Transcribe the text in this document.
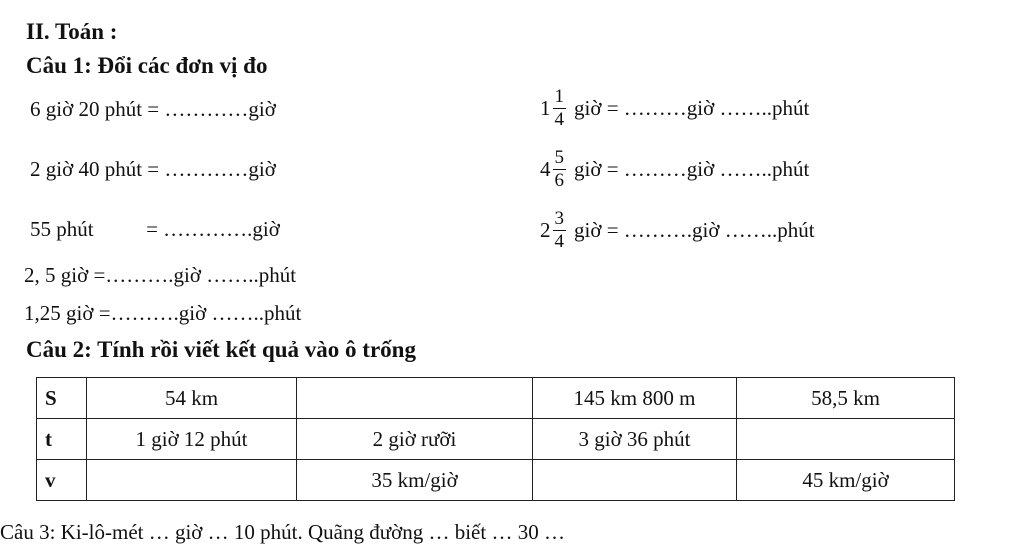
II. Toán :
Câu 1: Đổi các đơn vị đo
6 giờ 20 phút = …………giờ
2 giờ 40 phút = …………giờ
55 phút          = ………….giờ
2, 5 giờ =……….giờ ……..phút
1,25 giờ =……….giờ ……..phút
$1 \frac{1}{4}$ giờ = ………giờ ……..phút
$4 \frac{5}{6}$ giờ = ………giờ ……..phút
$2 \frac{3}{4}$ giờ = ……….giờ ……..phút
Câu 2: Tính rồi viết kết quả vào ô trống
S	54 km		145 km 800 m	58,5 km
t	1 giờ 12 phút	2 giờ rưỡi	3 giờ 36 phút	
v		35 km/giờ		45 km/giờ
Câu 3: Ki-lô-mét … giờ … 10 phút. Quãng đường … biết … 30 …
